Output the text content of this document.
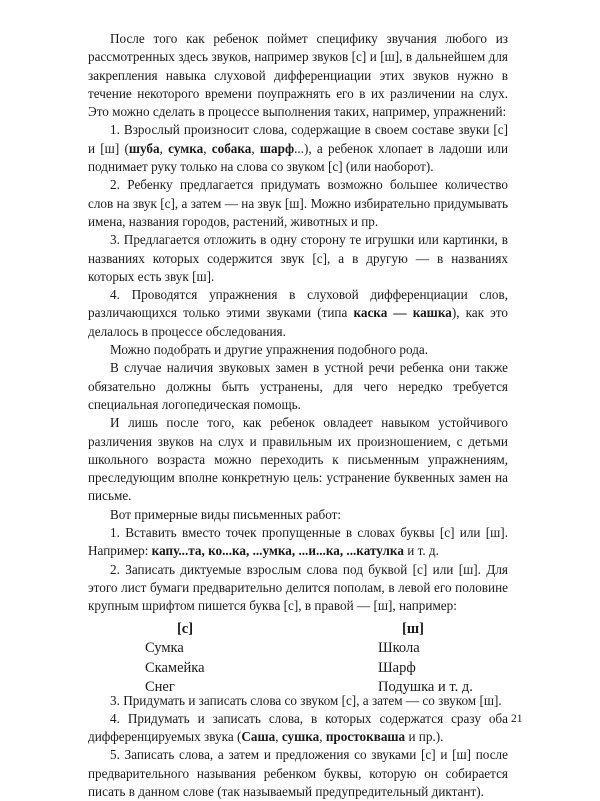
После того как ребенок поймет специфику звучания любого из рассмотренных здесь звуков, например звуков [с] и [ш], в дальнейшем для закрепления навыка слуховой дифференциации этих звуков нужно в течение некоторого времени поупражнять его в их различении на слух. Это можно сделать в процессе выполнения таких, например, упражнений:

1. Взрослый произносит слова, содержащие в своем составе звуки [с] и [ш] (шуба, сумка, собака, шарф...), а ребенок хлопает в ладоши или поднимает руку только на слова со звуком [с] (или наоборот).

2. Ребенку предлагается придумать возможно большее количество слов на звук [с], а затем — на звук [ш]. Можно избирательно придумывать имена, названия городов, растений, животных и пр.

3. Предлагается отложить в одну сторону те игрушки или картинки, в названиях которых содержится звук [с], а в другую — в названиях которых есть звук [ш].

4. Проводятся упражнения в слуховой дифференциации слов, различающихся только этими звуками (типа каска — кашка), как это делалось в процессе обследования.

Можно подобрать и другие упражнения подобного рода.

В случае наличия звуковых замен в устной речи ребенка они также обязательно должны быть устранены, для чего нередко требуется специальная логопедическая помощь.

И лишь после того, как ребенок овладеет навыком устойчивого различения звуков на слух и правильным их произношением, с детьми школьного возраста можно переходить к письменным упражнениям, преследующим вполне конкретную цель: устранение буквенных замен на письме.

Вот примерные виды письменных работ:

1. Вставить вместо точек пропущенные в словах буквы [с] или [ш]. Например: капу...та, ко...ка, ...умка, ...и...ка, ...катулка и т. д.

2. Записать диктуемые взрослым слова под буквой [с] или [ш]. Для этого лист бумаги предварительно делится пополам, в левой его половине крупным шрифтом пишется буква [с], в правой — [ш], например:

[с]
Сумка
Скамейка
Снег
[ш]
Школа
Шарф
Подушка и т. д.

3. Придумать и записать слова со звуком [с], а затем — со звуком [ш].

4. Придумать и записать слова, в которых содержатся сразу оба дифференцируемых звука (Саша, сушка, простокваша и пр.).

5. Записать слова, а затем и предложения со звуками [с] и [ш] после предварительного называния ребенком буквы, которую он собирается писать в данном слове (так называемый предупредительный диктант).

21
